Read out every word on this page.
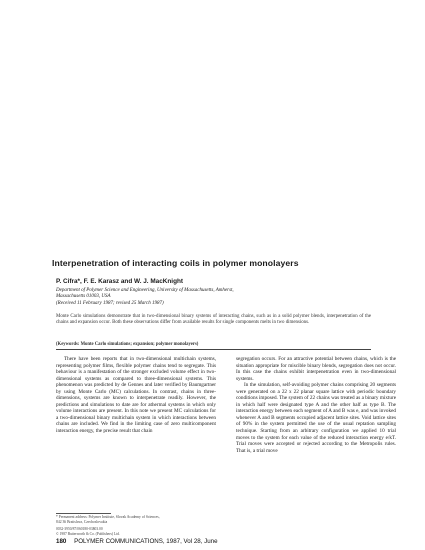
Interpenetration of interacting coils in polymer monolayers
P. Cifra*, F. E. Karasz and W. J. MacKnight
Department of Polymer Science and Engineering, University of Massachusetts, Amherst,
Massachusetts 01003, USA
(Received 11 February 1987; revised 25 March 1987)
Monte Carlo simulations demonstrate that in two-dimensional binary systems of interacting chains, such as in a solid polymer blends, interpenetration of the chains and expansion occur. Both these observations differ from available results for single components melts in two dimensions.
(Keywords: Monte Carlo simulations; expansion; polymer monolayers)

There have been reports that in two-dimensional multichain systems, representing polymer films, flexible polymer chains tend to segregate. This behaviour is a manifestation of the stronger excluded volume effect in two-dimensional systems as compared to three-dimensional systems. This phenomenon was predicted by de Gennes and later verified by Baumgartner by using Monte Carlo (MC) calculations. In contrast, chains in three-dimensions, systems are known to interpenetrate readily. However, the predictions and simulations to date are for athermal systems in which only volume interactions are present. In this note we present MC calculations for a two-dimensional binary multichain system in which interactions between chains are included. We find in the limiting case of zero multicomponent interaction energy, the precise result that chain

segregation occurs. For an attractive potential between chains, which is the situation appropriate for miscible binary blends, segregation does not occur. In this case the chains exhibit interpenetration even in two-dimensional systems.

In the simulation, self-avoiding polymer chains comprising 20 segments were generated on a 22 x 22 planar square lattice with periodic boundary conditions imposed. The system of 22 chains was treated as a binary mixture in which half were designated type A and the other half as type B. The interaction energy between each segment of A and B was e, and was invoked whenever A and B segments occupied adjacent lattice sites. Void lattice sites of 90% in the system permitted the use of the usual reptation sampling technique. Starting from an arbitrary configuration we applied 10 trial moves to the system for each value of the reduced interaction energy e/kT. Trial moves were accepted or rejected according to the Metropolis rules. That is, a trial move

* Permanent address: Polymer Institute, Slovak Academy of Sciences,
842 36 Bratislava, Czechoslovakia
0032-3950/87/060180-03$03.00
© 1987 Butterworth & Co. (Publishers) Ltd.
180 POLYMER COMMUNICATIONS, 1987, Vol 28, June
